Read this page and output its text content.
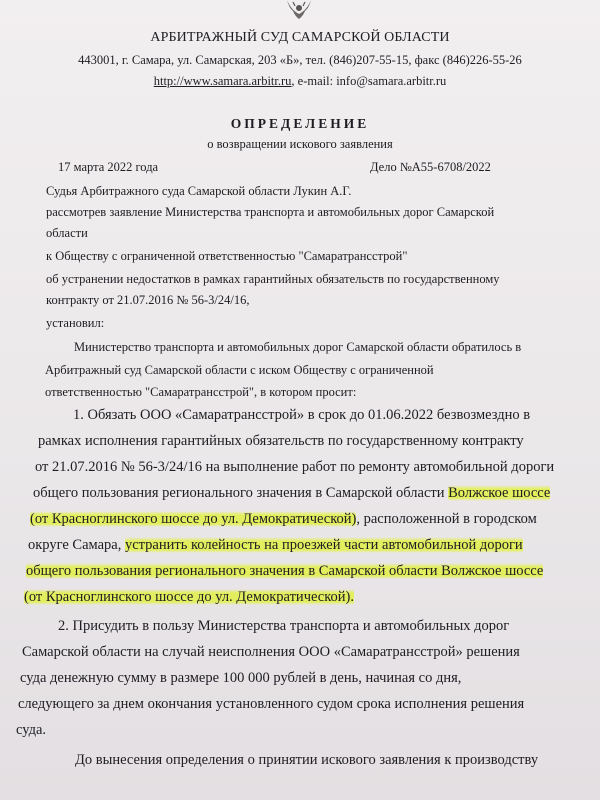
АРБИТРАЖНЫЙ СУД САМАРСКОЙ ОБЛАСТИ
443001, г. Самара, ул. Самарская, 203 «Б», тел. (846)207-55-15, факс (846)226-55-26
http://www.samara.arbitr.ru, e-mail: info@samara.arbitr.ru
ОПРЕДЕЛЕНИЕ
о возвращении искового заявления
17 марта 2022 года	Дело №А55-6708/2022
Судья Арбитражного суда Самарской области Лукин А.Г.
рассмотрев заявление Министерства транспорта и автомобильных дорог Самарской
области
к Обществу с ограниченной ответственностью "Самаратрансстрой"
об устранении недостатков в рамках гарантийных обязательств по государственному
контракту от 21.07.2016 № 56-3/24/16,
установил:
Министерство транспорта и автомобильных дорог Самарской области обратилось в
Арбитражный суд Самарской области с иском Обществу с ограниченной
ответственностью "Самаратрансстрой", в котором просит:
1. Обязать ООО «Самаратрансстрой» в срок до 01.06.2022 безвозмездно в
рамках исполнения гарантийных обязательств по государственному контракту
от 21.07.2016 № 56-3/24/16 на выполнение работ по ремонту автомобильной дороги
общего пользования регионального значения в Самарской области Волжское шоссе
(от Красноглинского шоссе до ул. Демократической), расположенной в городском
округе Самара, устранить колейность на проезжей части автомобильной дороги
общего пользования регионального значения в Самарской области Волжское шоссе
(от Красноглинского шоссе до ул. Демократической).
2. Присудить в пользу Министерства транспорта и автомобильных дорог
Самарской области на случай неисполнения ООО «Самаратрансстрой» решения
суда денежную сумму в размере 100 000 рублей в день, начиная со дня,
следующего за днем окончания установленного судом срока исполнения решения
суда.
До вынесения определения о принятии искового заявления к производству
